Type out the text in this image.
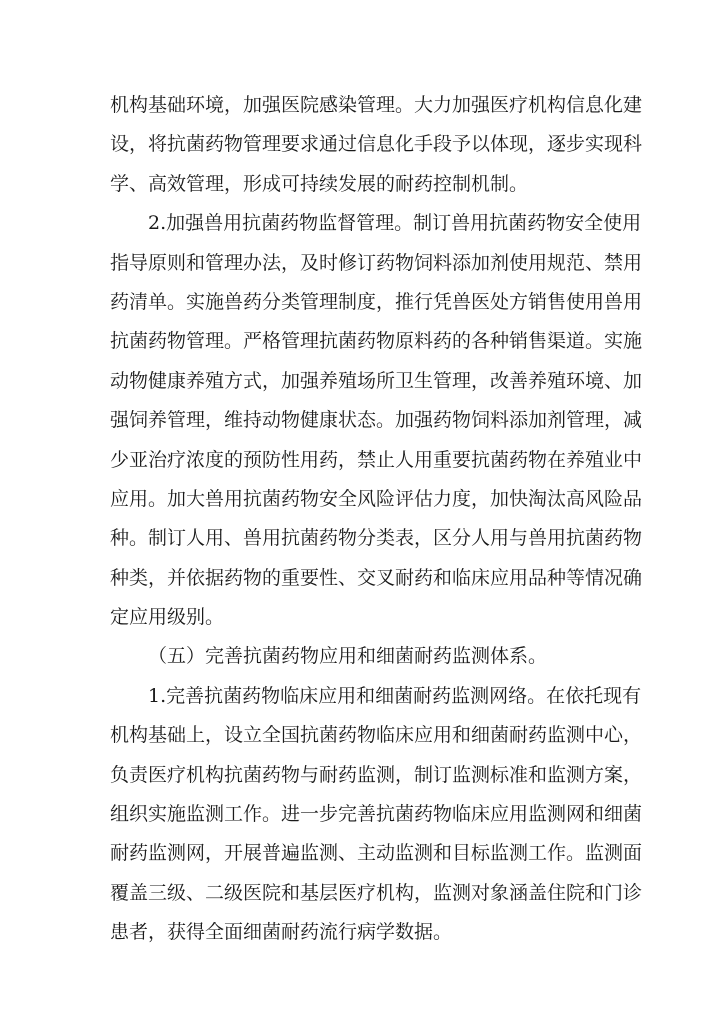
机构基础环境，加强医院感染管理。大力加强医疗机构信息化建
设，将抗菌药物管理要求通过信息化手段予以体现，逐步实现科
学、高效管理，形成可持续发展的耐药控制机制。
2.加强兽用抗菌药物监督管理。制订兽用抗菌药物安全使用
指导原则和管理办法，及时修订药物饲料添加剂使用规范、禁用
药清单。实施兽药分类管理制度，推行凭兽医处方销售使用兽用
抗菌药物管理。严格管理抗菌药物原料药的各种销售渠道。实施
动物健康养殖方式，加强养殖场所卫生管理，改善养殖环境、加
强饲养管理，维持动物健康状态。加强药物饲料添加剂管理，减
少亚治疗浓度的预防性用药，禁止人用重要抗菌药物在养殖业中
应用。加大兽用抗菌药物安全风险评估力度，加快淘汰高风险品
种。制订人用、兽用抗菌药物分类表，区分人用与兽用抗菌药物
种类，并依据药物的重要性、交叉耐药和临床应用品种等情况确
定应用级别。
（五）完善抗菌药物应用和细菌耐药监测体系。
1.完善抗菌药物临床应用和细菌耐药监测网络。在依托现有
机构基础上，设立全国抗菌药物临床应用和细菌耐药监测中心，
负责医疗机构抗菌药物与耐药监测，制订监测标准和监测方案，
组织实施监测工作。进一步完善抗菌药物临床应用监测网和细菌
耐药监测网，开展普遍监测、主动监测和目标监测工作。监测面
覆盖三级、二级医院和基层医疗机构，监测对象涵盖住院和门诊
患者，获得全面细菌耐药流行病学数据。
